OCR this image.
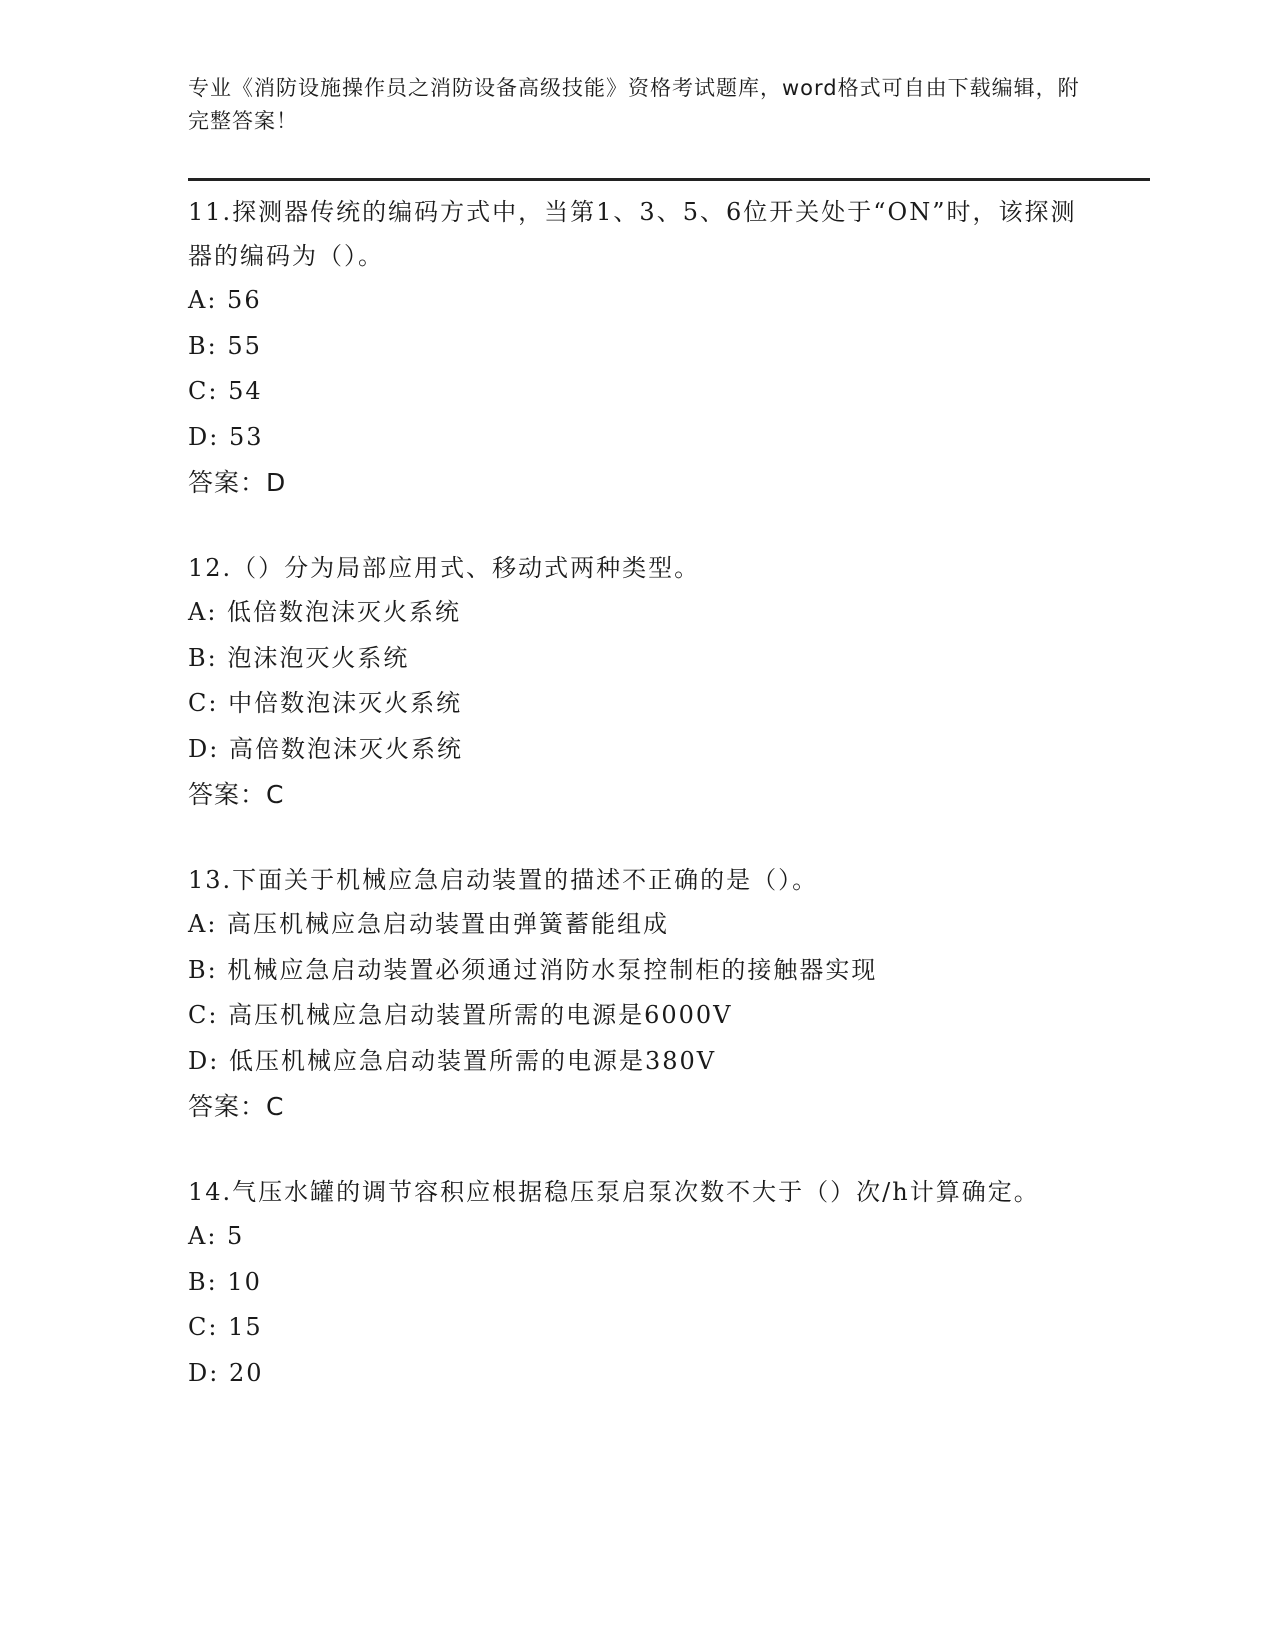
专业《消防设施操作员之消防设备高级技能》资格考试题库，word格式可自由下载编辑，附完整答案！

11.探测器传统的编码方式中，当第1、3、5、6位开关处于“ON”时，该探测器的编码为（）。

A: 56

B: 55

C: 54

D: 53

答案：D

12.（）分为局部应用式、移动式两种类型。

A: 低倍数泡沫灭火系统

B: 泡沫泡灭火系统

C: 中倍数泡沫灭火系统

D: 高倍数泡沫灭火系统

答案：C

13.下面关于机械应急启动装置的描述不正确的是（）。

A: 高压机械应急启动装置由弹簧蓄能组成

B: 机械应急启动装置必须通过消防水泵控制柜的接触器实现

C: 高压机械应急启动装置所需的电源是6000V

D: 低压机械应急启动装置所需的电源是380V

答案：C

14.气压水罐的调节容积应根据稳压泵启泵次数不大于（）次/h计算确定。

A: 5

B: 10

C: 15

D: 20
